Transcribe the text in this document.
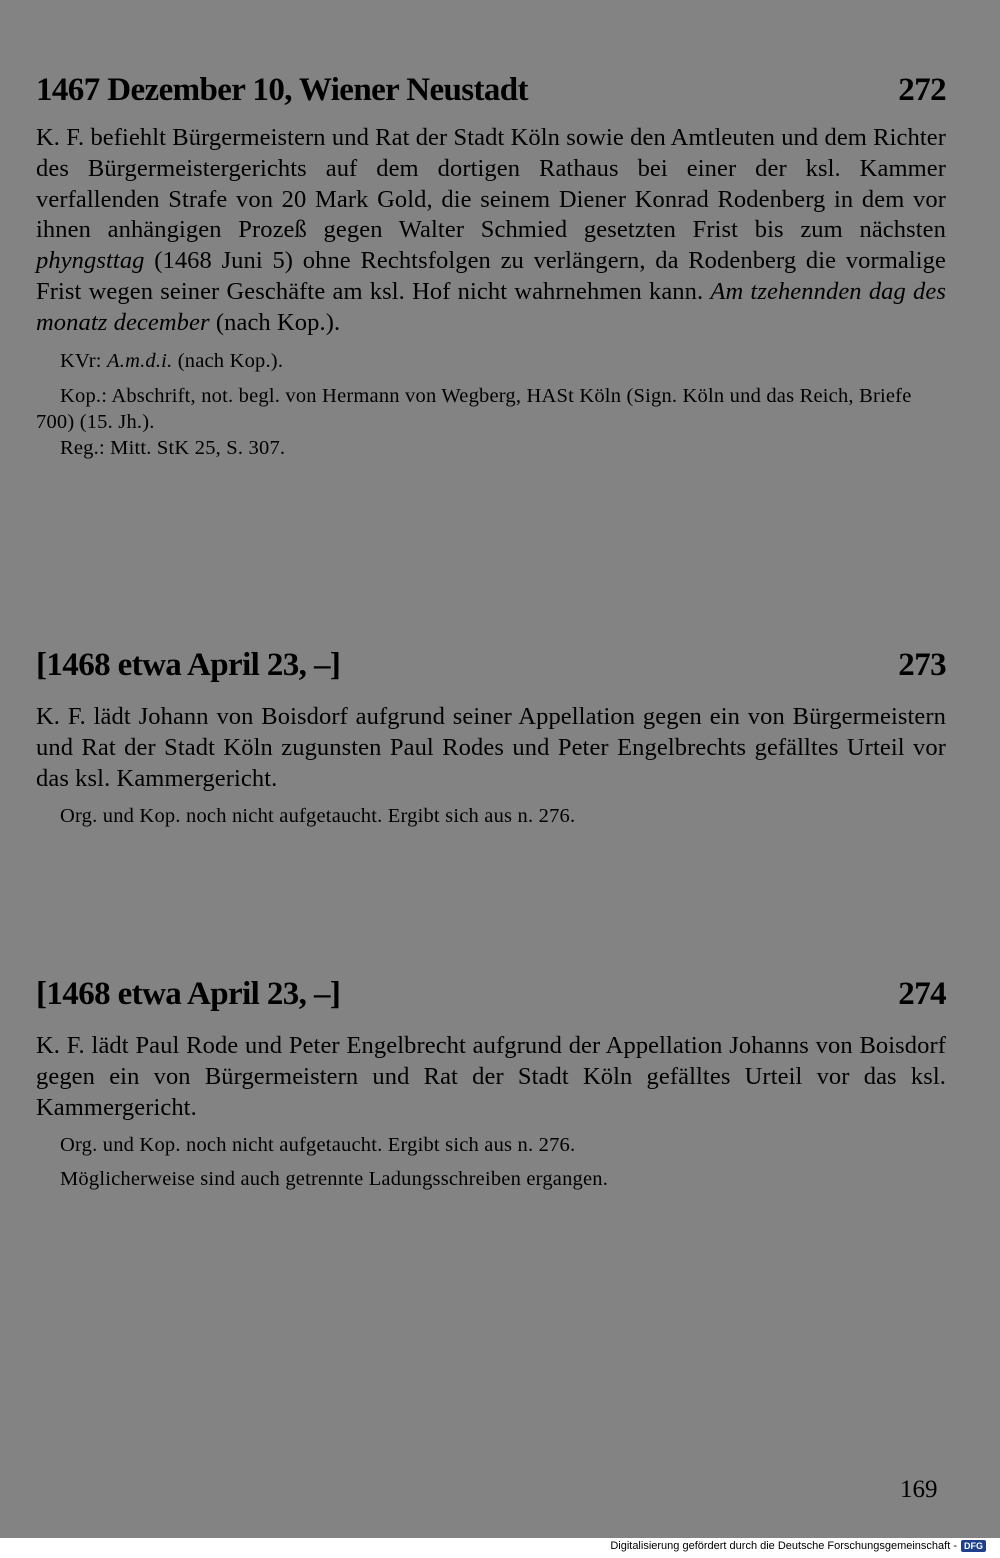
1467 Dezember 10, Wiener Neustadt	272

K. F. befiehlt Bürgermeistern und Rat der Stadt Köln sowie den Amtleuten und dem Richter des Bürgermeistergerichts auf dem dortigen Rathaus bei einer der ksl. Kammer verfallenden Strafe von 20 Mark Gold, die seinem Diener Konrad Rodenberg in dem vor ihnen anhängigen Prozeß gegen Walter Schmied gesetzten Frist bis zum nächsten phyngsttag (1468 Juni 5) ohne Rechtsfolgen zu verlängern, da Rodenberg die vormalige Frist wegen seiner Geschäfte am ksl. Hof nicht wahrnehmen kann. Am tzehennden dag des monatz december (nach Kop.).

KVr: A.m.d.i. (nach Kop.).

Kop.: Abschrift, not. begl. von Hermann von Wegberg, HASt Köln (Sign. Köln und das Reich, Briefe 700) (15. Jh.).

Reg.: Mitt. StK 25, S. 307.

[1468 etwa April 23, –]	273

K. F. lädt Johann von Boisdorf aufgrund seiner Appellation gegen ein von Bürgermeistern und Rat der Stadt Köln zugunsten Paul Rodes und Peter Engelbrechts gefälltes Urteil vor das ksl. Kammergericht.

Org. und Kop. noch nicht aufgetaucht. Ergibt sich aus n. 276.

[1468 etwa April 23, –]	274

K. F. lädt Paul Rode und Peter Engelbrecht aufgrund der Appellation Johanns von Boisdorf gegen ein von Bürgermeistern und Rat der Stadt Köln gefälltes Urteil vor das ksl. Kammergericht.

Org. und Kop. noch nicht aufgetaucht. Ergibt sich aus n. 276.

Möglicherweise sind auch getrennte Ladungsschreiben ergangen.

169
Digitalisierung gefördert durch die Deutsche Forschungsgemeinschaft - DFG
